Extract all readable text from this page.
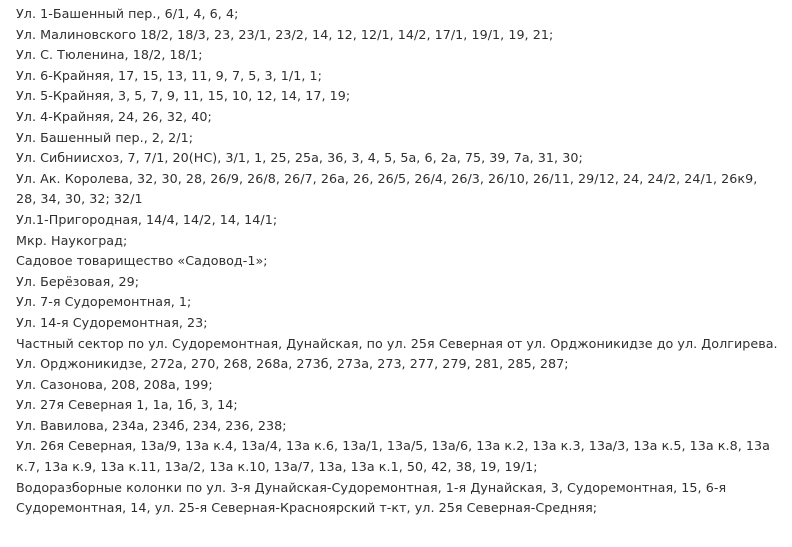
Ул. 1-Башенный пер., 6/1, 4, 6, 4;

Ул. Малиновского 18/2, 18/3, 23, 23/1, 23/2, 14, 12, 12/1, 14/2, 17/1, 19/1, 19, 21;

Ул. С. Тюленина, 18/2, 18/1;

Ул. 6-Крайняя, 17, 15, 13, 11, 9, 7, 5, 3, 1/1, 1;

Ул. 5-Крайняя, 3, 5, 7, 9, 11, 15, 10, 12, 14, 17, 19;

Ул. 4-Крайняя, 24, 26, 32, 40;

Ул. Башенный пер., 2, 2/1;

Ул. Сибниисхоз, 7, 7/1, 20(НС), 3/1, 1, 25, 25а, 36, 3, 4, 5, 5а, 6, 2а, 75, 39, 7а, 31, 30;

Ул. Ак. Королева, 32, 30, 28, 26/9, 26/8, 26/7, 26а, 26, 26/5, 26/4, 26/3, 26/10, 26/11, 29/12, 24, 24/2, 24/1, 26к9, 28, 34, 30, 32; 32/1

Ул.1-Пригородная, 14/4, 14/2, 14, 14/1;

Мкр. Наукоград;

Садовое товарищество «Садовод-1»;

Ул. Берёзовая, 29;

Ул. 7-я Судоремонтная, 1;

Ул. 14-я Судоремонтная, 23;

Частный сектор по ул. Судоремонтная, Дунайская, по ул. 25я Северная от ул. Орджоникидзе до ул. Долгирева.

Ул. Орджоникидзе, 272а, 270, 268, 268а, 273б, 273а, 273, 277, 279, 281, 285, 287;

Ул. Сазонова, 208, 208а, 199;

Ул. 27я Северная 1, 1а, 1б, 3, 14;

Ул. Вавилова, 234а, 234б, 234, 236, 238;

Ул. 26я Северная, 13а/9, 13а к.4, 13а/4, 13а к.6, 13а/1, 13а/5, 13а/6, 13а к.2, 13а к.3, 13а/3, 13а к.5, 13а к.8, 13а к.7, 13а к.9, 13а к.11, 13а/2, 13а к.10, 13а/7, 13а, 13а к.1, 50, 42, 38, 19, 19/1;

Водоразборные колонки по ул. 3-я Дунайская-Судоремонтная, 1-я Дунайская, 3, Судоремонтная, 15, 6-я Судоремонтная, 14, ул. 25-я Северная-Красноярский т-кт, ул. 25я Северная-Средняя;
